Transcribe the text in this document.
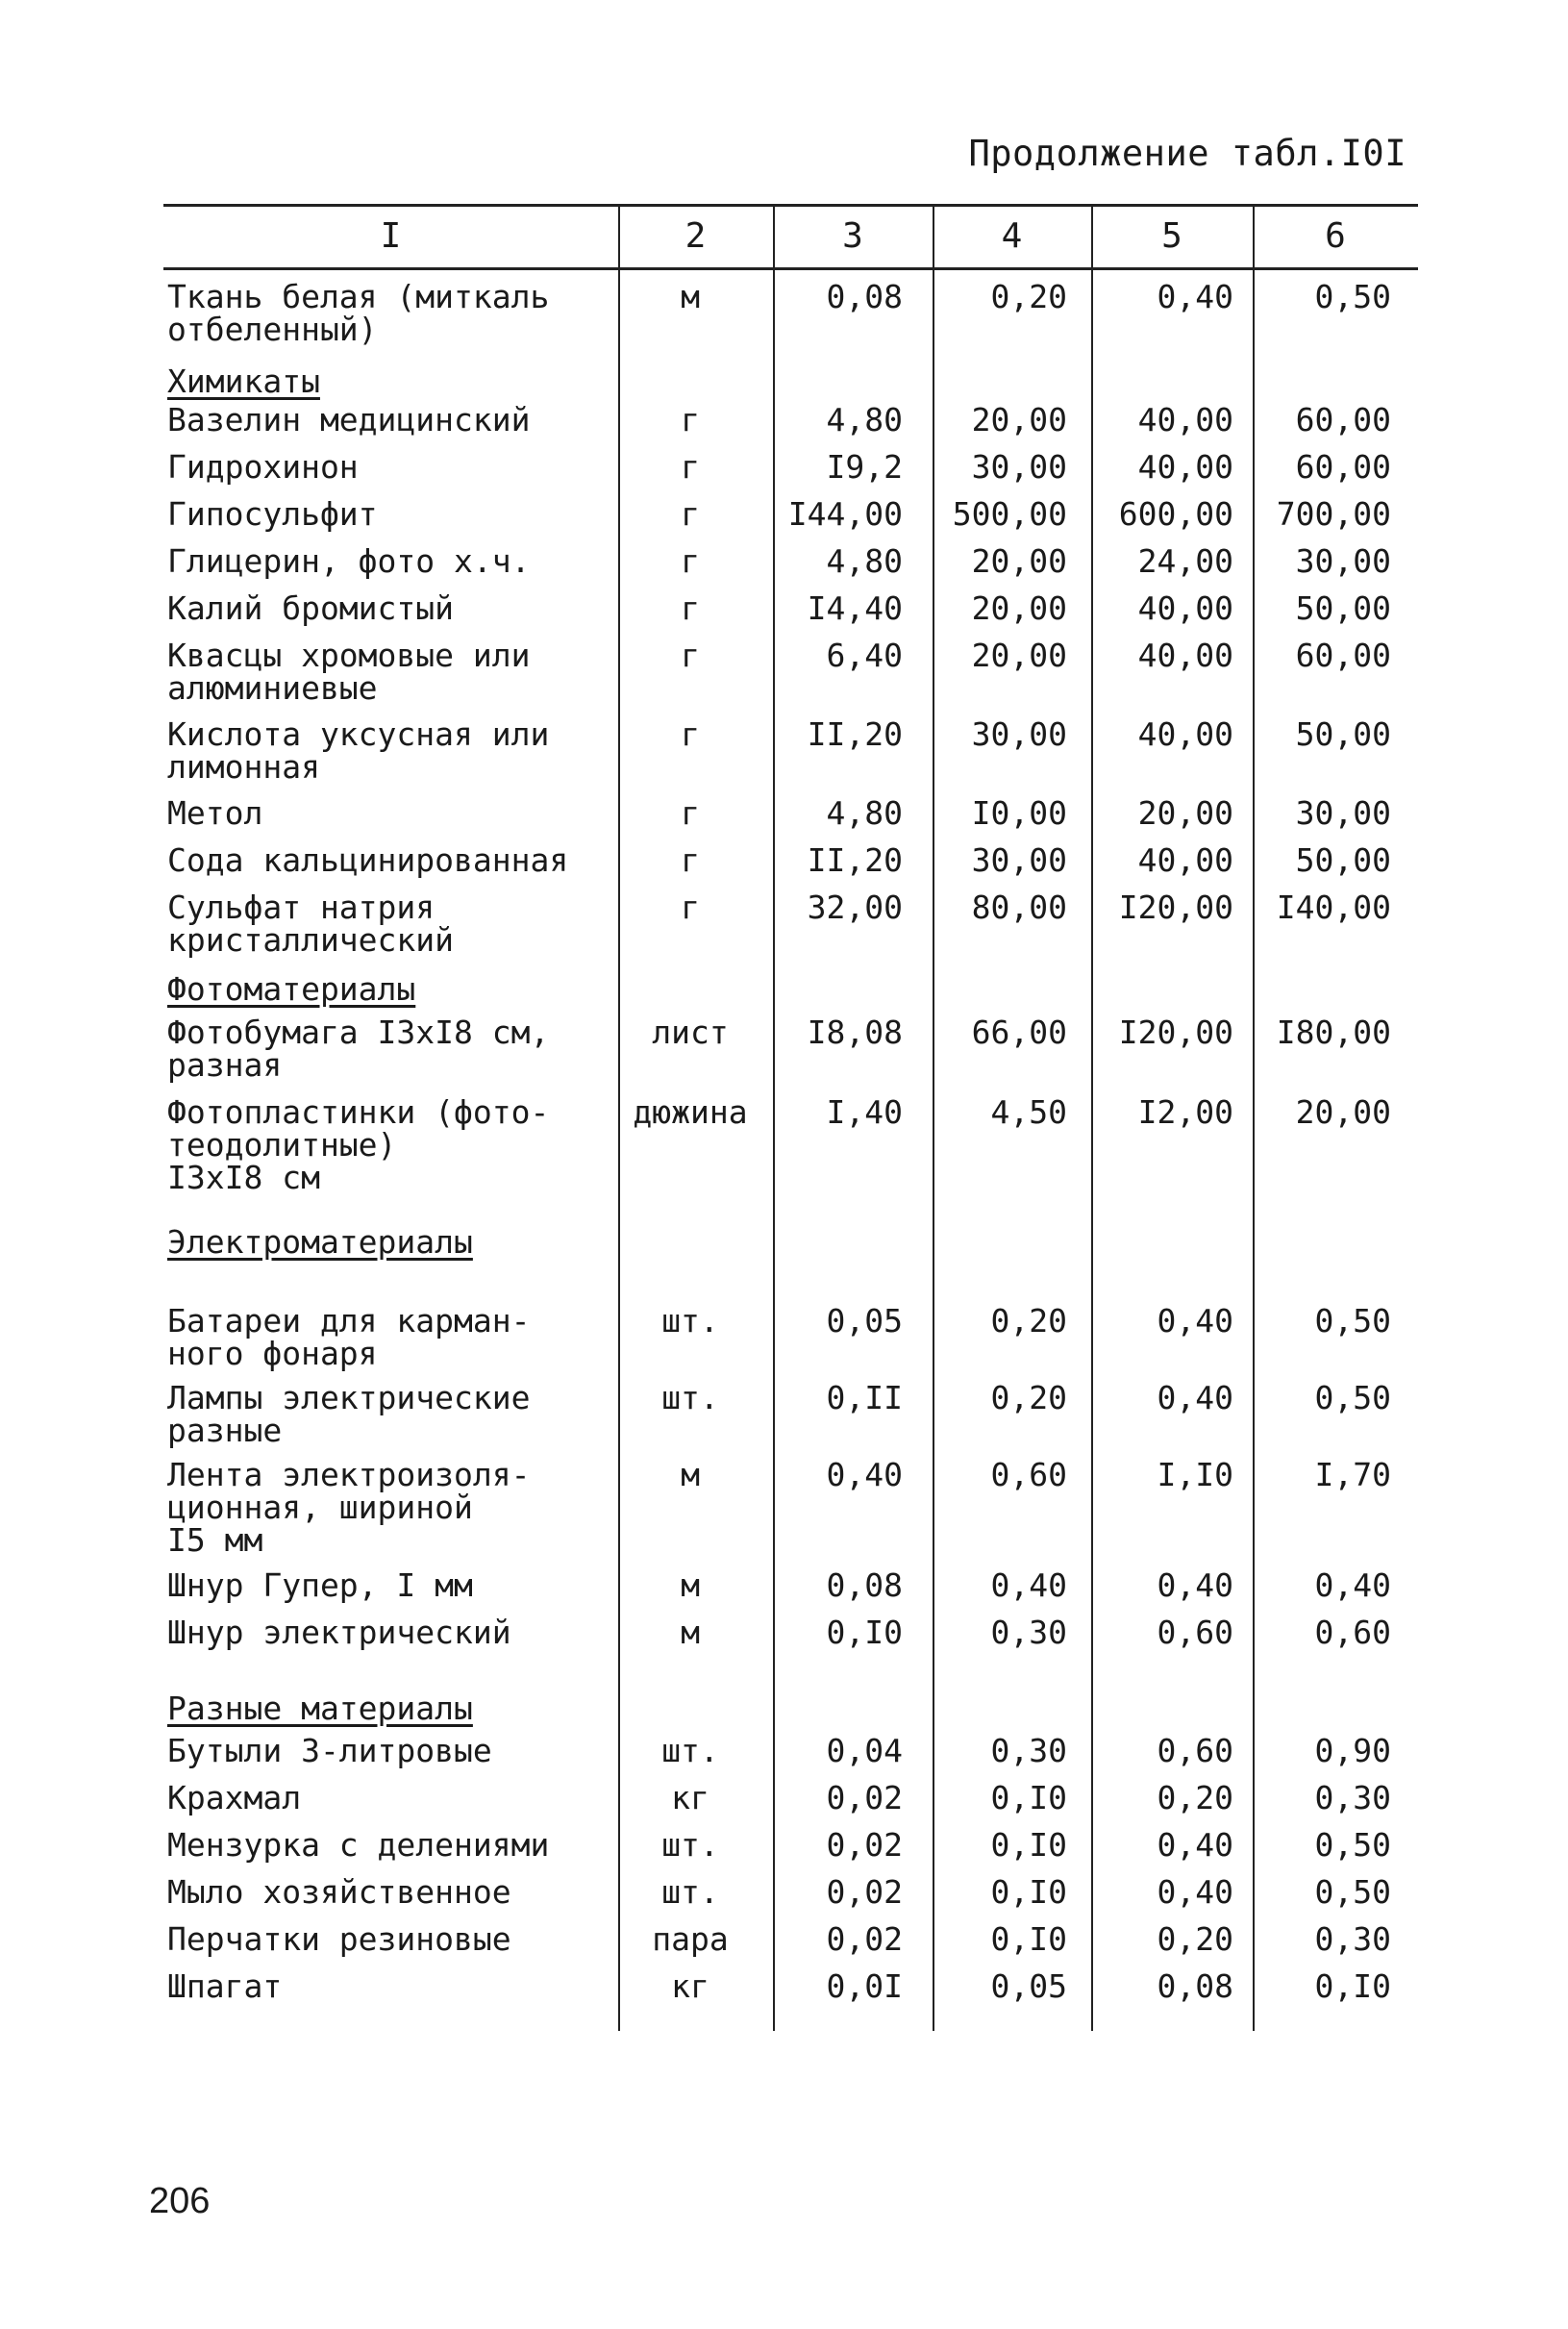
Продолжение табл.I0I
I	2	3	4	5	6
Ткань белая (миткаль
отбеленный)
м	0,08	0,20	0,40	0,50
Химикаты
Вазелин медицинский	г	4,80	20,00	40,00	60,00
Гидрохинон	г	I9,2	30,00	40,00	60,00
Гипосульфит	г	I44,00 500,00	600,00	700,00
Глицерин, фото х.ч.	г	4,80	20,00	24,00	30,00
Калий бромистый	г	I4,40	20,00	40,00	50,00
Квасцы хромовые или
алюминиевые
г	6,40	20,00	40,00	60,00
Кислота уксусная или
лимонная
г	II,20	30,00	40,00	50,00
Метол	г	4,80	I0,00	20,00	30,00
Сода кальцинированная	г	II,20	30,00	40,00	50,00
Сульфат натрия
кристаллический
г	32,00	80,00	I20,00	I40,00
Фотоматериалы
Фотобумага I3xI8 см,
разная
лист	I8,08	66,00	I20,00	I80,00
Фотопластинки (фото-
теодолитные)
I3xI8 см
дюжина	I,40	4,50	I2,00	20,00
Электроматериалы
Батареи для карман-
ного фонаря
шт.	0,05	0,20	0,40	0,50
Лампы электрические
разные
шт.	0,II	0,20	0,40	0,50
Лента электроизоля-
ционная, шириной
I5 мм
м	0,40	0,60	I,I0	I,70
Шнур Гупер, I мм	м	0,08	0,40	0,40	0,40
Шнур электрический	м	0,I0	0,30	0,60	0,60
Разные материалы
Бутыли 3-литровые	шт.	0,04	0,30	0,60	0,90
Крахмал	кг	0,02	0,I0	0,20	0,30
Мензурка с делениями	шт.	0,02	0,I0	0,40	0,50
Мыло хозяйственное	шт.	0,02	0,I0	0,40	0,50
Перчатки резиновые	пара	0,02	0,I0	0,20	0,30
Шпагат	кг	0,0I	0,05	0,08	0,I0
206
